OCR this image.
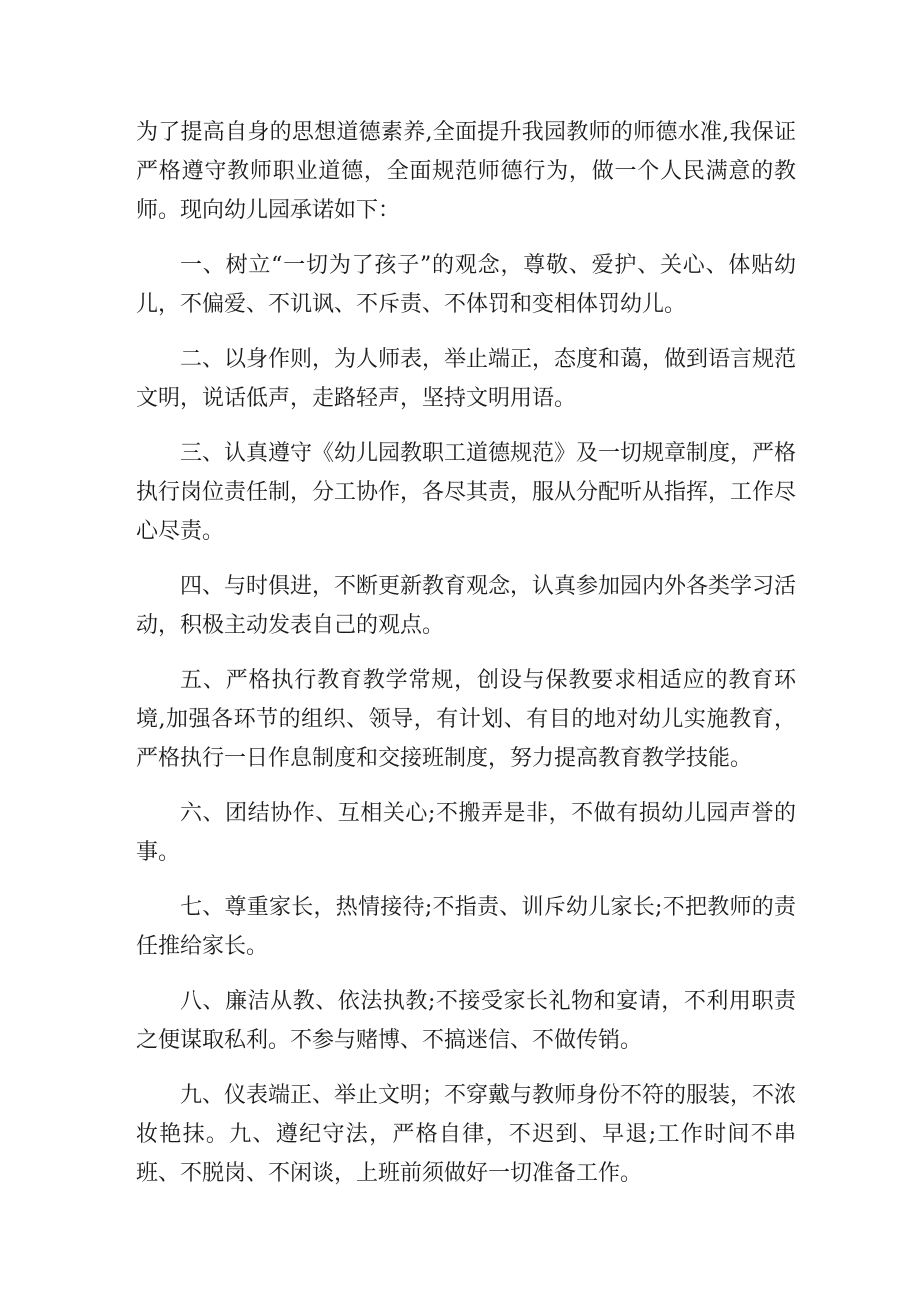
为了提高自身的思想道德素养,全面提升我园教师的师德水准,我保证严格遵守教师职业道德，全面规范师德行为，做一个人民满意的教师。现向幼儿园承诺如下：

一、树立“一切为了孩子”的观念，尊敬、爱护、关心、体贴幼儿，不偏爱、不讥讽、不斥责、不体罚和变相体罚幼儿。

二、以身作则，为人师表，举止端正，态度和蔼，做到语言规范文明，说话低声，走路轻声，坚持文明用语。

三、认真遵守《幼儿园教职工道德规范》及一切规章制度，严格执行岗位责任制，分工协作，各尽其责，服从分配听从指挥，工作尽心尽责。

四、与时俱进，不断更新教育观念，认真参加园内外各类学习活动，积极主动发表自己的观点。

五、严格执行教育教学常规，创设与保教要求相适应的教育环境,加强各环节的组织、领导，有计划、有目的地对幼儿实施教育，严格执行一日作息制度和交接班制度，努力提高教育教学技能。

六、团结协作、互相关心;不搬弄是非，不做有损幼儿园声誉的事。

七、尊重家长，热情接待;不指责、训斥幼儿家长;不把教师的责任推给家长。

八、廉洁从教、依法执教;不接受家长礼物和宴请，不利用职责之便谋取私利。不参与赌博、不搞迷信、不做传销。

九、仪表端正、举止文明；不穿戴与教师身份不符的服装，不浓妆艳抹。九、遵纪守法，严格自律，不迟到、早退;工作时间不串班、不脱岗、不闲谈，上班前须做好一切准备工作。
